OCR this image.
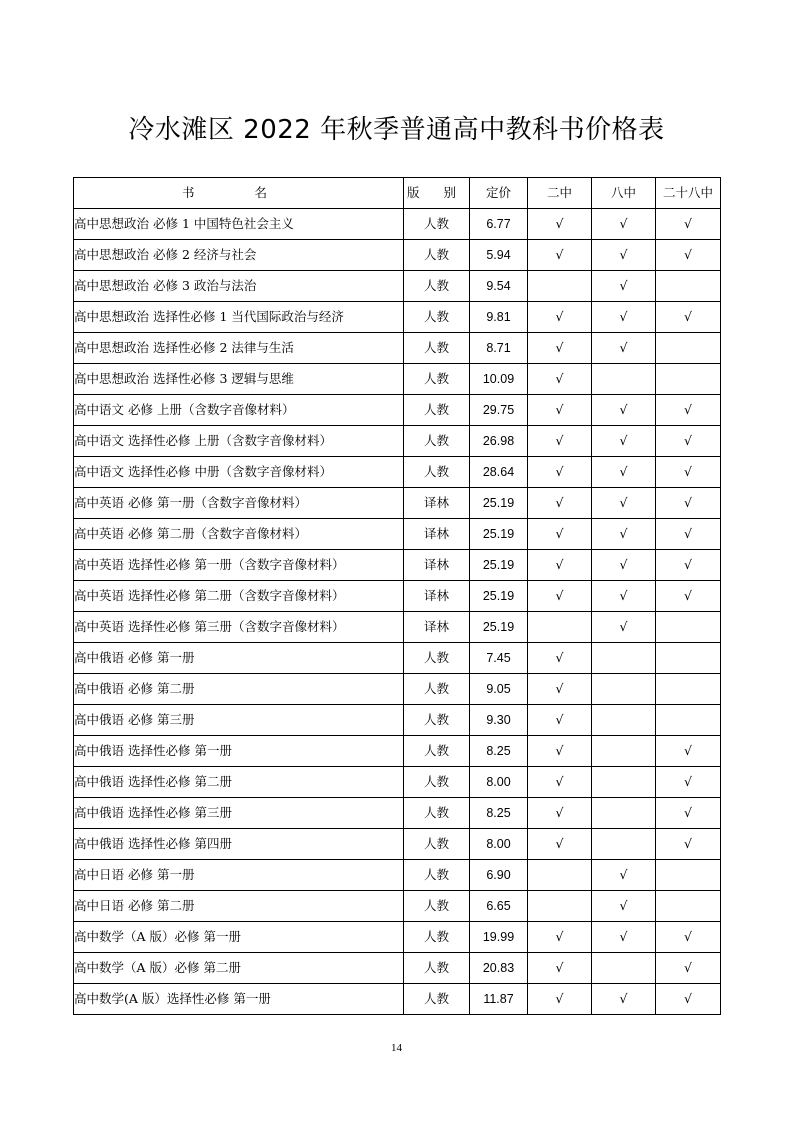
冷水滩区 2022 年秋季普通高中教科书价格表
书 名	版 别	定价	二中	八中	二十八中
高中思想政治 必修 1 中国特色社会主义	人教	6.77	√	√	√
高中思想政治 必修 2 经济与社会	人教	5.94	√	√	√
高中思想政治 必修 3 政治与法治	人教	9.54		√	
高中思想政治 选择性必修 1 当代国际政治与经济	人教	9.81	√	√	√
高中思想政治 选择性必修 2 法律与生活	人教	8.71	√	√	
高中思想政治 选择性必修 3 逻辑与思维	人教	10.09	√		
高中语文 必修 上册（含数字音像材料）	人教	29.75	√	√	√
高中语文 选择性必修 上册（含数字音像材料）	人教	26.98	√	√	√
高中语文 选择性必修 中册（含数字音像材料）	人教	28.64	√	√	√
高中英语 必修 第一册（含数字音像材料）	译林	25.19	√	√	√
高中英语 必修 第二册（含数字音像材料）	译林	25.19	√	√	√
高中英语 选择性必修 第一册（含数字音像材料）	译林	25.19	√	√	√
高中英语 选择性必修 第二册（含数字音像材料）	译林	25.19	√	√	√
高中英语 选择性必修 第三册（含数字音像材料）	译林	25.19		√	
高中俄语 必修 第一册	人教	7.45	√		
高中俄语 必修 第二册	人教	9.05	√		
高中俄语 必修 第三册	人教	9.30	√		
高中俄语 选择性必修 第一册	人教	8.25	√		√
高中俄语 选择性必修 第二册	人教	8.00	√		√
高中俄语 选择性必修 第三册	人教	8.25	√		√
高中俄语 选择性必修 第四册	人教	8.00	√		√
高中日语 必修 第一册	人教	6.90		√	
高中日语 必修 第二册	人教	6.65		√	
高中数学（A 版）必修 第一册	人教	19.99	√	√	√
高中数学（A 版）必修 第二册	人教	20.83	√		√
高中数学(A 版）选择性必修 第一册	人教	11.87	√	√	√
14
